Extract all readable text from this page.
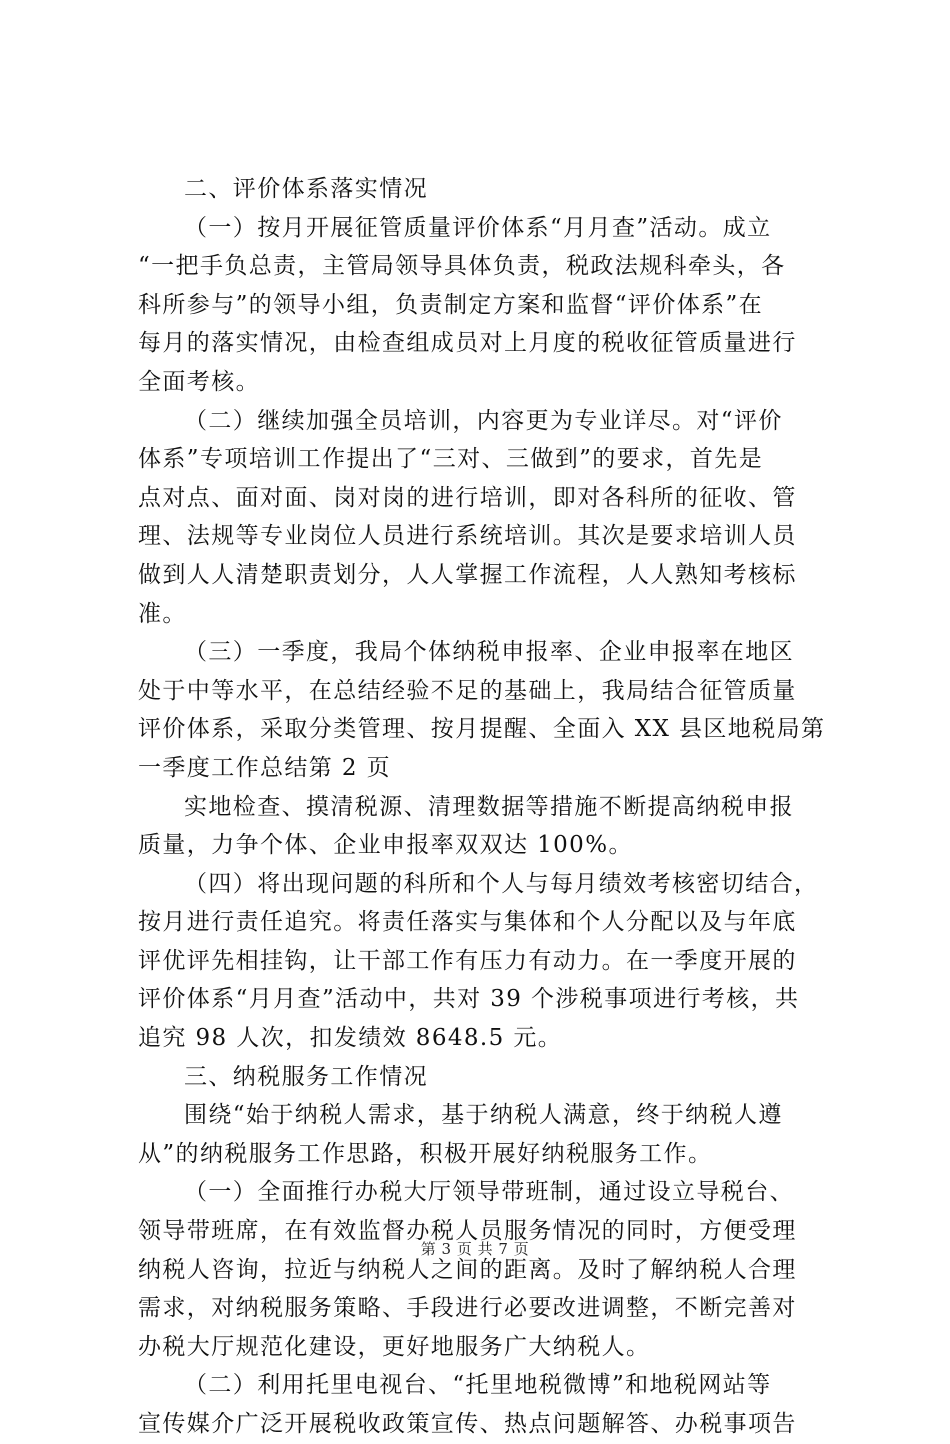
二、评价体系落实情况
（一）按月开展征管质量评价体系“月月查”活动。成立
“一把手负总责，主管局领导具体负责，税政法规科牵头，各
科所参与”的领导小组，负责制定方案和监督“评价体系”在
每月的落实情况，由检查组成员对上月度的税收征管质量进行
全面考核。
（二）继续加强全员培训，内容更为专业详尽。对“评价
体系”专项培训工作提出了“三对、三做到”的要求，首先是
点对点、面对面、岗对岗的进行培训，即对各科所的征收、管
理、法规等专业岗位人员进行系统培训。其次是要求培训人员
做到人人清楚职责划分，人人掌握工作流程，人人熟知考核标
准。
（三）一季度，我局个体纳税申报率、企业申报率在地区
处于中等水平，在总结经验不足的基础上，我局结合征管质量
评价体系，采取分类管理、按月提醒、全面入 XX 县区地税局第
一季度工作总结第 2 页
实地检查、摸清税源、清理数据等措施不断提高纳税申报
质量，力争个体、企业申报率双双达 100%。
（四）将出现问题的科所和个人与每月绩效考核密切结合，
按月进行责任追究。将责任落实与集体和个人分配以及与年底
评优评先相挂钩，让干部工作有压力有动力。在一季度开展的
评价体系“月月查”活动中，共对 39 个涉税事项进行考核，共
追究 98 人次，扣发绩效 8648.5 元。
三、纳税服务工作情况
围绕“始于纳税人需求，基于纳税人满意，终于纳税人遵
从”的纳税服务工作思路，积极开展好纳税服务工作。
（一）全面推行办税大厅领导带班制，通过设立导税台、
领导带班席，在有效监督办税人员服务情况的同时，方便受理
纳税人咨询，拉近与纳税人之间的距离。及时了解纳税人合理
需求，对纳税服务策略、手段进行必要改进调整，不断完善对
办税大厅规范化建设，更好地服务广大纳税人。
（二）利用托里电视台、“托里地税微博”和地税网站等
宣传媒介广泛开展税收政策宣传、热点问题解答、办税事项告
第 3 页 共 7 页
